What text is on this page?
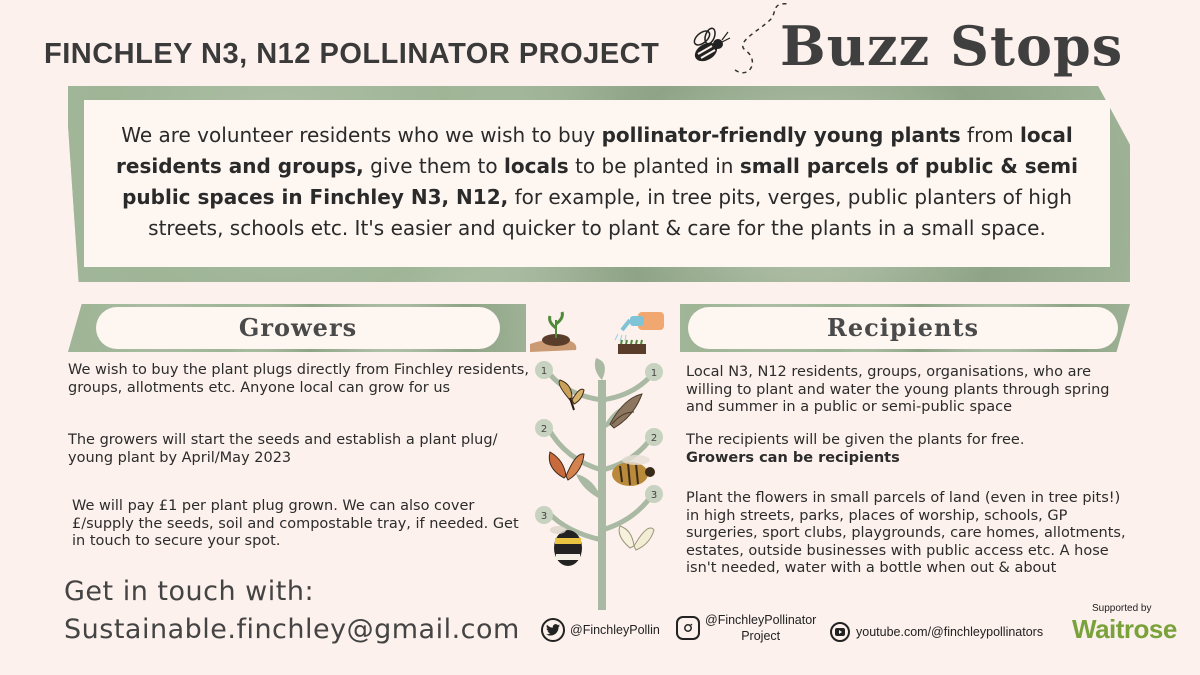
FINCHLEY N3, N12 POLLINATOR PROJECT Buzz Stops
We are volunteer residents who we wish to buy pollinator-friendly young plants from local residents and groups, give them to locals to be planted in small parcels of public & semi public spaces in Finchley N3, N12, for example, in tree pits, verges, public planters of high streets, schools etc. It's easier and quicker to plant & care for the plants in a small space.
Growers
We wish to buy the plant plugs directly from Finchley residents, groups, allotments etc. Anyone local can grow for us
The growers will start the seeds and establish a plant plug/ young plant by April/May 2023
We will pay £1 per plant plug grown. We can also cover £/supply the seeds, soil and compostable tray, if needed. Get in touch to secure your spot.
Recipients
Local N3, N12 residents, groups, organisations, who are willing to plant and water the young plants through spring and summer in a public or semi-public space
The recipients will be given the plants for free.
Growers can be recipients
Plant the flowers in small parcels of land (even in tree pits!) in high streets, parks, places of worship, schools, GP surgeries, sport clubs, playgrounds, care homes, allotments, estates, outside businesses with public access etc. A hose isn't needed, water with a bottle when out & about
1
2
3
1
2
3
Get in touch with:
Sustainable.finchley@gmail.com	@FinchleyPollin
@FinchleyPollinator
Project	youtube.com/@finchleypollinators
Supported by
Waitrose
